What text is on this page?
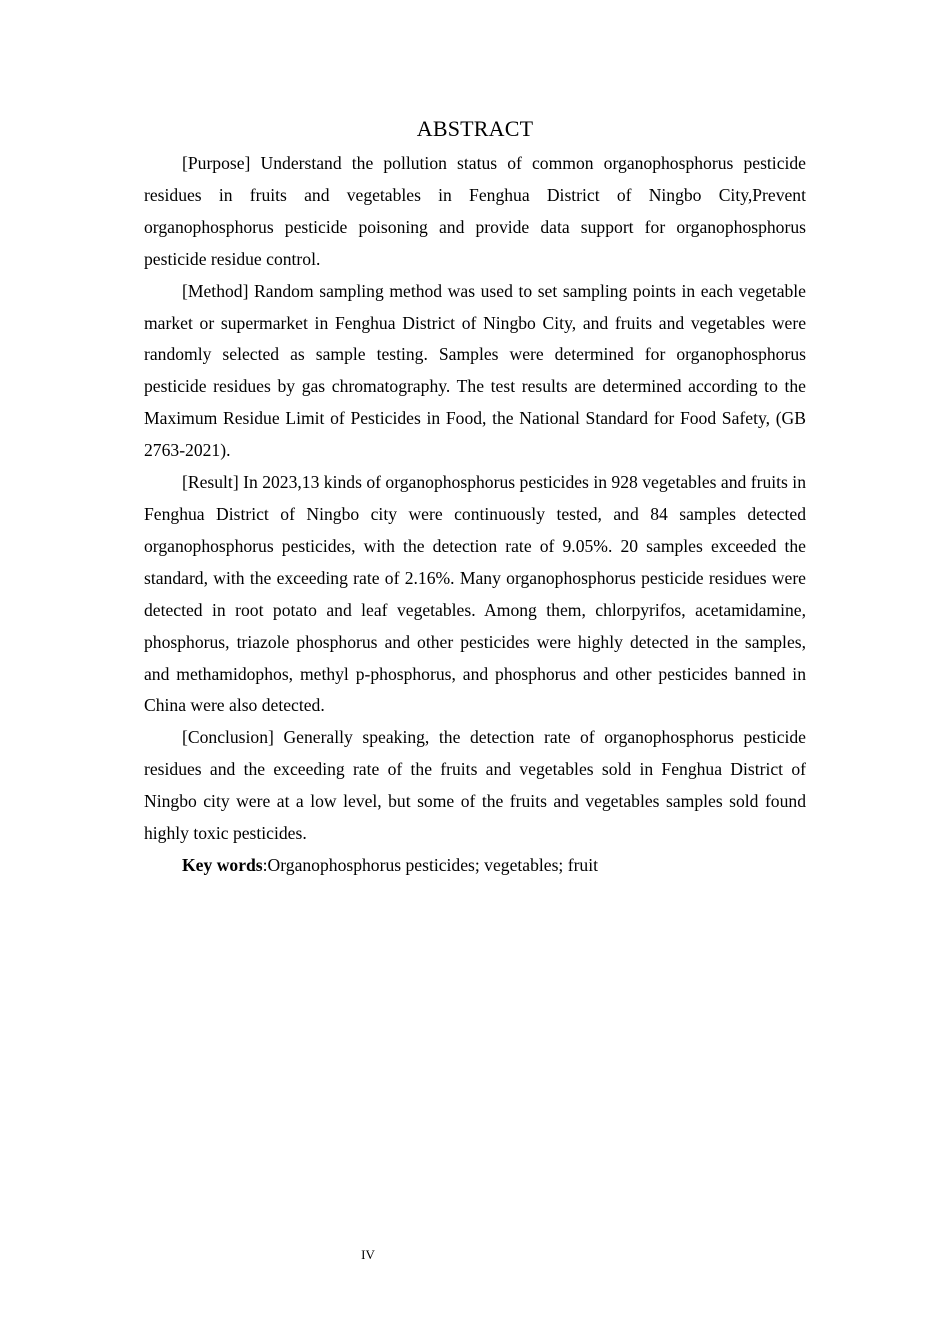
ABSTRACT

[Purpose] Understand the pollution status of common organophosphorus pesticide residues in fruits and vegetables in Fenghua District of Ningbo City,Prevent organophosphorus pesticide poisoning and provide data support for organophosphorus pesticide residue control.

[Method] Random sampling method was used to set sampling points in each vegetable market or supermarket in Fenghua District of Ningbo City, and fruits and vegetables were randomly selected as sample testing. Samples were determined for organophosphorus pesticide residues by gas chromatography. The test results are determined according to the Maximum Residue Limit of Pesticides in Food, the National Standard for Food Safety, (GB 2763-2021).

[Result] In 2023,13 kinds of organophosphorus pesticides in 928 vegetables and fruits in Fenghua District of Ningbo city were continuously tested, and 84 samples detected organophosphorus pesticides, with the detection rate of 9.05%. 20 samples exceeded the standard, with the exceeding rate of 2.16%. Many organophosphorus pesticide residues were detected in root potato and leaf vegetables. Among them, chlorpyrifos, acetamidamine, phosphorus, triazole phosphorus and other pesticides were highly detected in the samples, and methamidophos, methyl p-phosphorus, and phosphorus and other pesticides banned in China were also detected.

[Conclusion] Generally speaking, the detection rate of organophosphorus pesticide residues and the exceeding rate of the fruits and vegetables sold in Fenghua District of Ningbo city were at a low level, but some of the fruits and vegetables samples sold found highly toxic pesticides.

Key words:Organophosphorus pesticides; vegetables; fruit

IV
